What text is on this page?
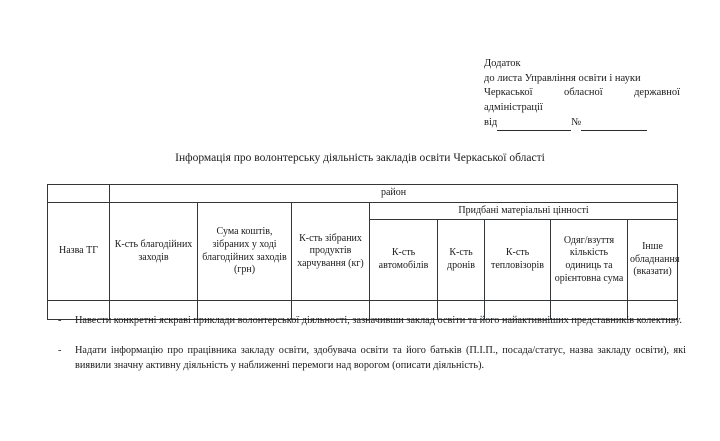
Додаток
до листа Управління освіти і науки
Черкаської обласної державної
адміністрації
від	№
Інформація про волонтерську діяльність закладів освіти Черкаської області
	район							
Назва ТГ	К-сть благодійних заходів	Сума коштів, зібраних у ході благодійних заходів (грн)	К-сть зібраних продуктів харчування (кг)	Придбані матеріальні цінності				
				К-сть автомобілів	К-сть дронів	К-сть тепловізорів	Одяг/взуття кількість одиниць та орієнтовна сума	Інше обладнання (вказати)

-	Навести конкретні яскраві приклади волонтерської діяльності, зазначивши заклад освіти та його найактивніших представників колективу.
-	Надати інформацію про працівника закладу освіти, здобувача освіти та його батьків (П.І.П., посада/статус, назва закладу освіти), які виявили значну активну діяльність у наближенні перемоги над ворогом (описати діяльність).
